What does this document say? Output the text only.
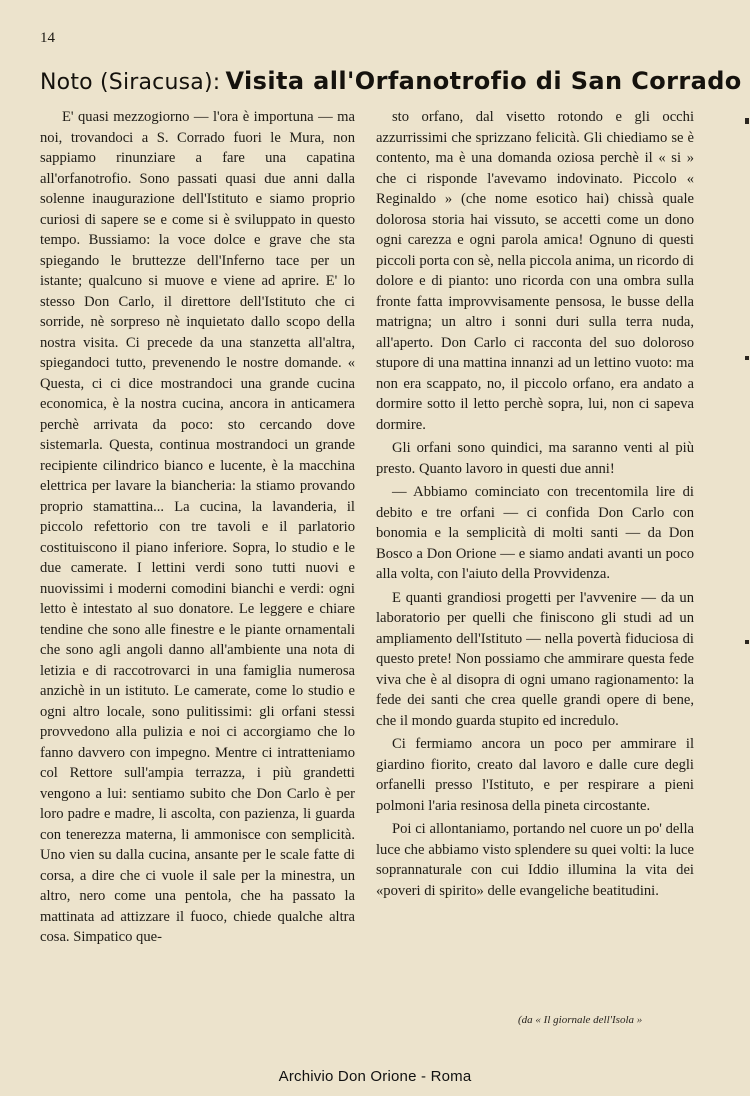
14
Noto (Siracusa): Visita all'Orfanotrofio di San Corrado

E' quasi mezzogiorno — l'ora è importuna — ma noi, trovandoci a S. Corrado fuori le Mura, non sappiamo rinunziare a fare una capatina all'orfanotrofio. Sono passati quasi due anni dalla solenne inaugurazione dell'Istituto e siamo proprio curiosi di sapere se e come si è sviluppato in questo tempo. Bussiamo: la voce dolce e grave che sta spiegando le bruttezze dell'Inferno tace per un istante; qualcuno si muove e viene ad aprire. E' lo stesso Don Carlo, il direttore dell'Istituto che ci sorride, nè sorpreso nè inquietato dallo scopo della nostra visita. Ci precede da una stanzetta all'altra, spiegandoci tutto, prevenendo le nostre domande. « Questa, ci ci dice mostrandoci una grande cucina economica, è la nostra cucina, ancora in anticamera perchè arrivata da poco: sto cercando dove sistemarla. Questa, continua mostrandoci un grande recipiente cilindrico bianco e lucente, è la macchina elettrica per lavare la biancheria: la stiamo provando proprio stamattina... La cucina, la lavanderia, il piccolo refettorio con tre tavoli e il parlatorio costituiscono il piano inferiore. Sopra, lo studio e le due camerate. I lettini verdi sono tutti nuovi e nuovissimi i moderni comodini bianchi e verdi: ogni letto è intestato al suo donatore. Le leggere e chiare tendine che sono alle finestre e le piante ornamentali che sono agli angoli danno all'ambiente una nota di letizia e di raccotrovarci in una famiglia numerosa anzichè in un istituto. Le camerate, come lo studio e ogni altro locale, sono pulitissimi: gli orfani stessi provvedono alla pulizia e noi ci accorgiamo che lo fanno davvero con impegno. Mentre ci intratteniamo col Rettore sull'ampia terrazza, i più grandetti vengono a lui: sentiamo subito che Don Carlo è per loro padre e madre, li ascolta, con pazienza, li guarda con tenerezza materna, li ammonisce con semplicità. Uno vien su dalla cucina, ansante per le scale fatte di corsa, a dire che ci vuole il sale per la minestra, un altro, nero come una pentola, che ha passato la mattinata ad attizzare il fuoco, chiede qualche altra cosa. Simpatico que-

sto orfano, dal visetto rotondo e gli occhi azzurrissimi che sprizzano felicità. Gli chiediamo se è contento, ma è una domanda oziosa perchè il « si » che ci risponde l'avevamo indovinato. Piccolo « Reginaldo » (che nome esotico hai) chissà quale dolorosa storia hai vissuto, se accetti come un dono ogni carezza e ogni parola amica! Ognuno di questi piccoli porta con sè, nella piccola anima, un ricordo di dolore e di pianto: uno ricorda con una ombra sulla fronte fatta improvvisamente pensosa, le busse della matrigna; un altro i sonni duri sulla terra nuda, all'aperto. Don Carlo ci racconta del suo doloroso stupore di una mattina innanzi ad un lettino vuoto: ma non era scappato, no, il piccolo orfano, era andato a dormire sotto il letto perchè sopra, lui, non ci sapeva dormire.

Gli orfani sono quindici, ma saranno venti al più presto. Quanto lavoro in questi due anni!

— Abbiamo cominciato con trecentomila lire di debito e tre orfani — ci confida Don Carlo con bonomia e la semplicità di molti santi — da Don Bosco a Don Orione — e siamo andati avanti un poco alla volta, con l'aiuto della Provvidenza.

E quanti grandiosi progetti per l'avvenire — da un laboratorio per quelli che finiscono gli studi ad un ampliamento dell'Istituto — nella povertà fiduciosa di questo prete! Non possiamo che ammirare questa fede viva che è al disopra di ogni umano ragionamento: la fede dei santi che crea quelle grandi opere di bene, che il mondo guarda stupito ed incredulo.

Ci fermiamo ancora un poco per ammirare il giardino fiorito, creato dal lavoro e dalle cure degli orfanelli presso l'Istituto, e per respirare a pieni polmoni l'aria resinosa della pineta circostante.

Poi ci allontaniamo, portando nel cuore un po' della luce che abbiamo visto splendere su quei volti: la luce soprannaturale con cui Iddio illumina la vita dei «poveri di spirito» delle evangeliche beatitudini.

(da « Il giornale dell'Isola »
Archivio Don Orione - Roma
